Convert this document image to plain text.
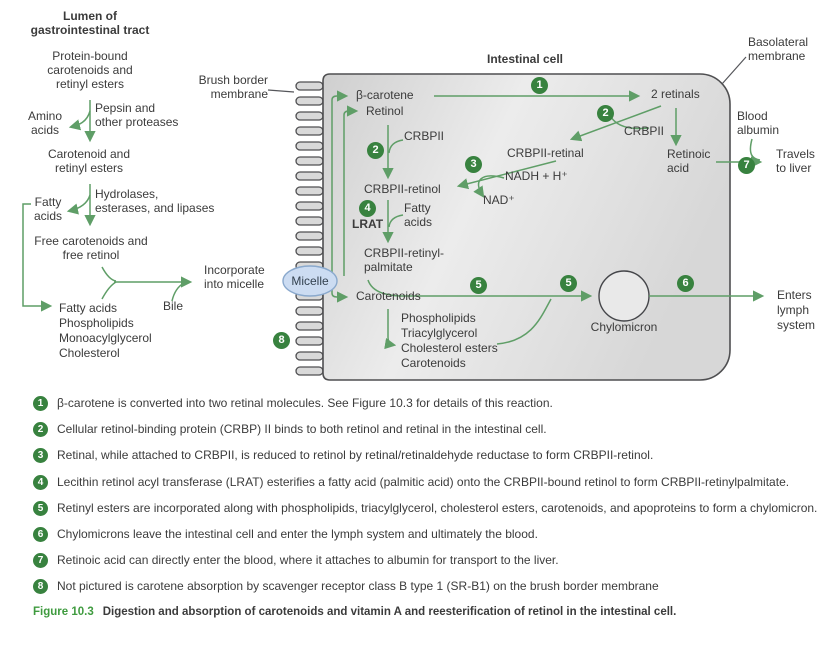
Lumen of
gastrointestinal tract
Protein-bound
carotenoids and
retinyl esters
Pepsin and
other proteases
Amino
acids
Carotenoid and
retinyl esters
Hydrolases,
esterases, and lipases
Fatty
acids
Free carotenoids and
free retinol
Fatty acids
Phospholipids
Monoacylglycerol
Cholesterol
Bile
Incorporate
into micelle
Brush border
membrane
Intestinal cell
Basolateral
membrane
Blood
albumin
Micelle
β-carotene
Retinol
CRBPII
CRBPII-retinol
CRBPII-retinal
NADH + H⁺
NAD⁺
LRAT
Fatty
acids
CRBPII-retinyl-
palmitate
Carotenoids
Phospholipids
Triacylglycerol
Cholesterol esters
Carotenoids
2 retinals
CRBPII
Retinoic
acid
Travels
to liver
Chylomicron
Enters
lymph
system
1
2
2
3
4
5	5	6
7
8
1	β-carotene is converted into two retinal molecules. See Figure 10.3 for details of this reaction.
2	Cellular retinol-binding protein (CRBP) II binds to both retinol and retinal in the intestinal cell.
3	Retinal, while attached to CRBPII, is reduced to retinol by retinal/retinaldehyde reductase to form CRBPII-retinol.
4	Lecithin retinol acyl transferase (LRAT) esterifies a fatty acid (palmitic acid) onto the CRBPII-bound retinol to form CRBPII-retinylpalmitate.
5	Retinyl esters are incorporated along with phospholipids, triacylglycerol, cholesterol esters, carotenoids, and apoproteins to form a chylomicron.
6	Chylomicrons leave the intestinal cell and enter the lymph system and ultimately the blood.
7	Retinoic acid can directly enter the blood, where it attaches to albumin for transport to the liver.
8	Not pictured is carotene absorption by scavenger receptor class B type 1 (SR-B1) on the brush border membrane
Figure 10.3 Digestion and absorption of carotenoids and vitamin A and reesterification of retinol in the intestinal cell.
